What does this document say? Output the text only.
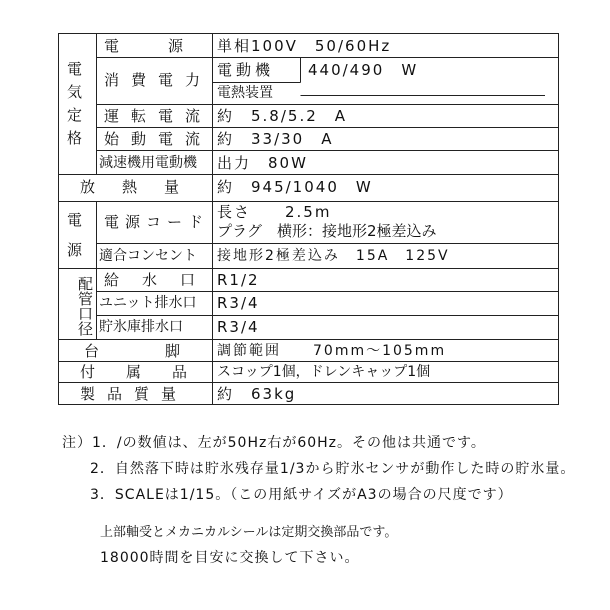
電気定格
電源
配管口径
電　　　源 単相100V　50/60Hz
消費電力
電動機 440/490　W
電熱装置
運転電流 約　5.8/5.2　A
始動電流 約　33/30　A
減速機用電動機 出力　80W
放　熱　量 約　945/1040　W
電源コード
長さ　　2.5m
プラグ　横形：接地形2極差込み
適合コンセント 接地形2極差込み　15A　125V
給　水　口 R1/2
ユニット排水口 R3/4
貯氷庫排水口 R3/4
台　　脚 調節範囲　　70mm～105mm
付　属　品 スコップ1個，ドレンキャップ1個
製品質量 約　63kg
注）1．/の数値は、左が50Hz右が60Hz。その他は共通です。
2．自然落下時は貯氷残存量1/3から貯氷センサが動作した時の貯氷量。
3．SCALEは1/15。（この用紙サイズがA3の場合の尺度です）
上部軸受とメカニカルシールは定期交換部品です。
18000時間を目安に交換して下さい。
